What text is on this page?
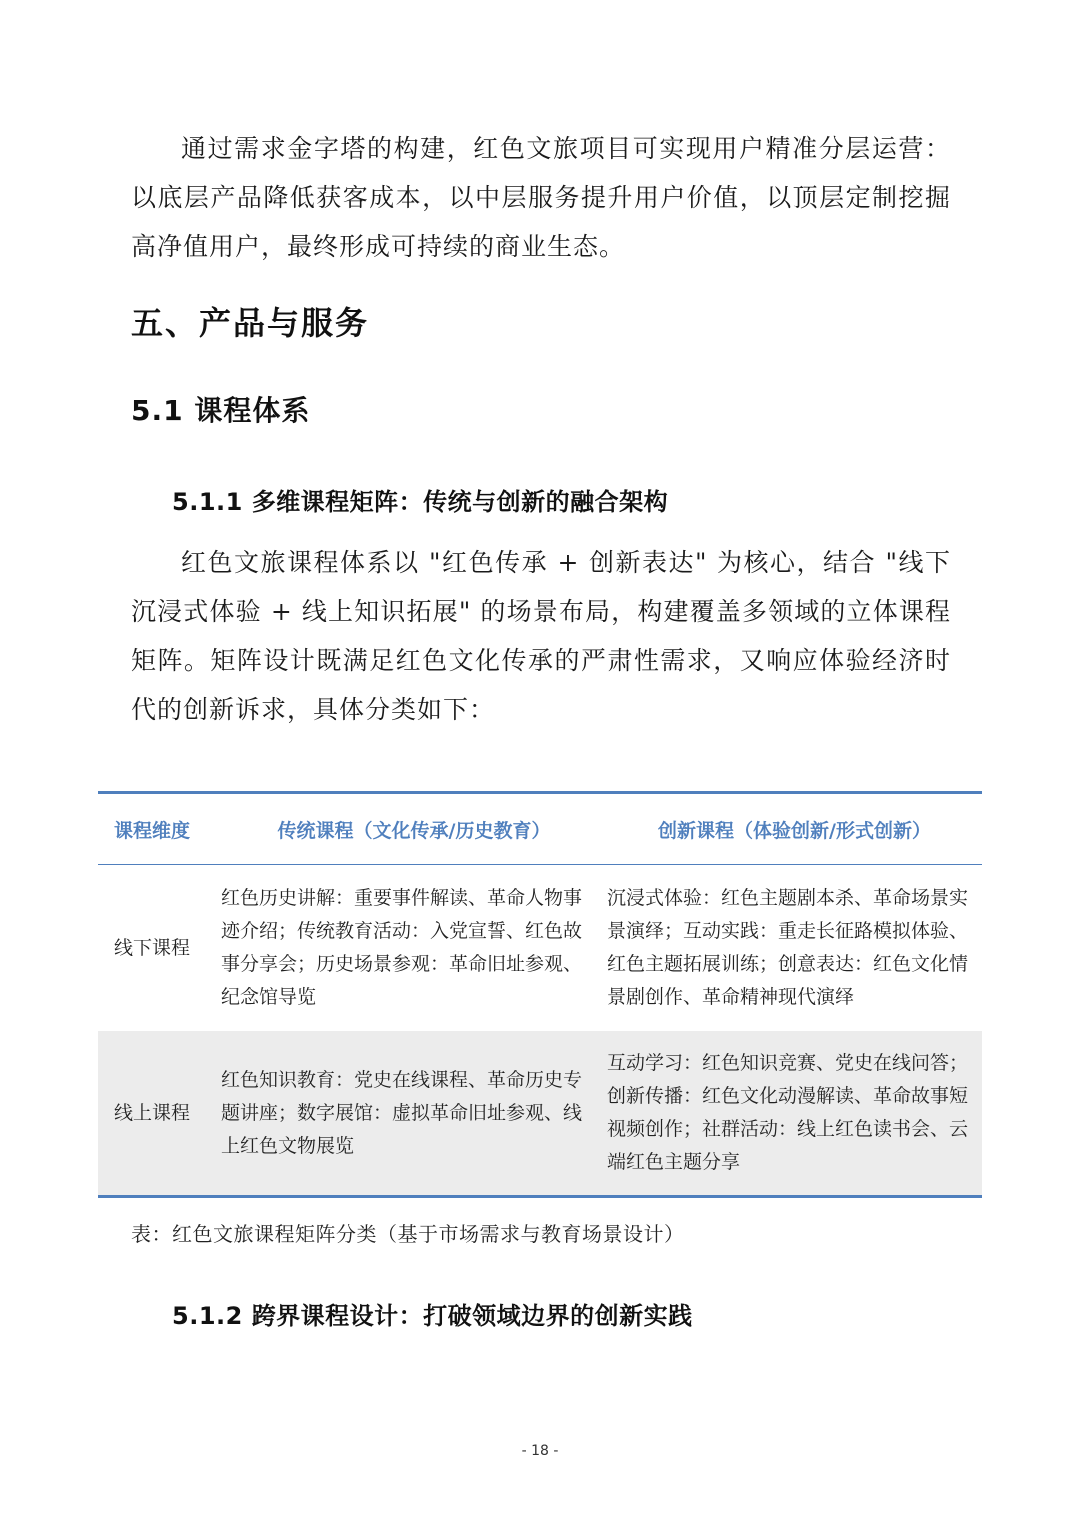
通过需求金字塔的构建，红色文旅项目可实现用户精准分层运营：以底层产品降低获客成本，以中层服务提升用户价值，以顶层定制挖掘高净值用户，最终形成可持续的商业生态。

五、产品与服务
5.1 课程体系
5.1.1 多维课程矩阵：传统与创新的融合架构

红色文旅课程体系以 "红色传承 + 创新表达" 为核心，结合 "线下沉浸式体验 + 线上知识拓展" 的场景布局，构建覆盖多领域的立体课程矩阵。矩阵设计既满足红色文化传承的严肃性需求，又响应体验经济时代的创新诉求，具体分类如下：

课程维度	传统课程（文化传承/历史教育）	创新课程（体验创新/形式创新）
线下课程
红色历史讲解：重要事件解读、革命人物事迹介绍；传统教育活动：入党宣誓、红色故事分享会；历史场景参观：革命旧址参观、纪念馆导览
沉浸式体验：红色主题剧本杀、革命场景实景演绎；互动实践：重走长征路模拟体验、红色主题拓展训练；创意表达：红色文化情景剧创作、革命精神现代演绎
线上课程
红色知识教育：党史在线课程、革命历史专题讲座；数字展馆：虚拟革命旧址参观、线上红色文物展览
互动学习：红色知识竞赛、党史在线问答；创新传播：红色文化动漫解读、革命故事短视频创作；社群活动：线上红色读书会、云端红色主题分享

表：红色文旅课程矩阵分类（基于市场需求与教育场景设计）

5.1.2 跨界课程设计：打破领域边界的创新实践
- 18 -
